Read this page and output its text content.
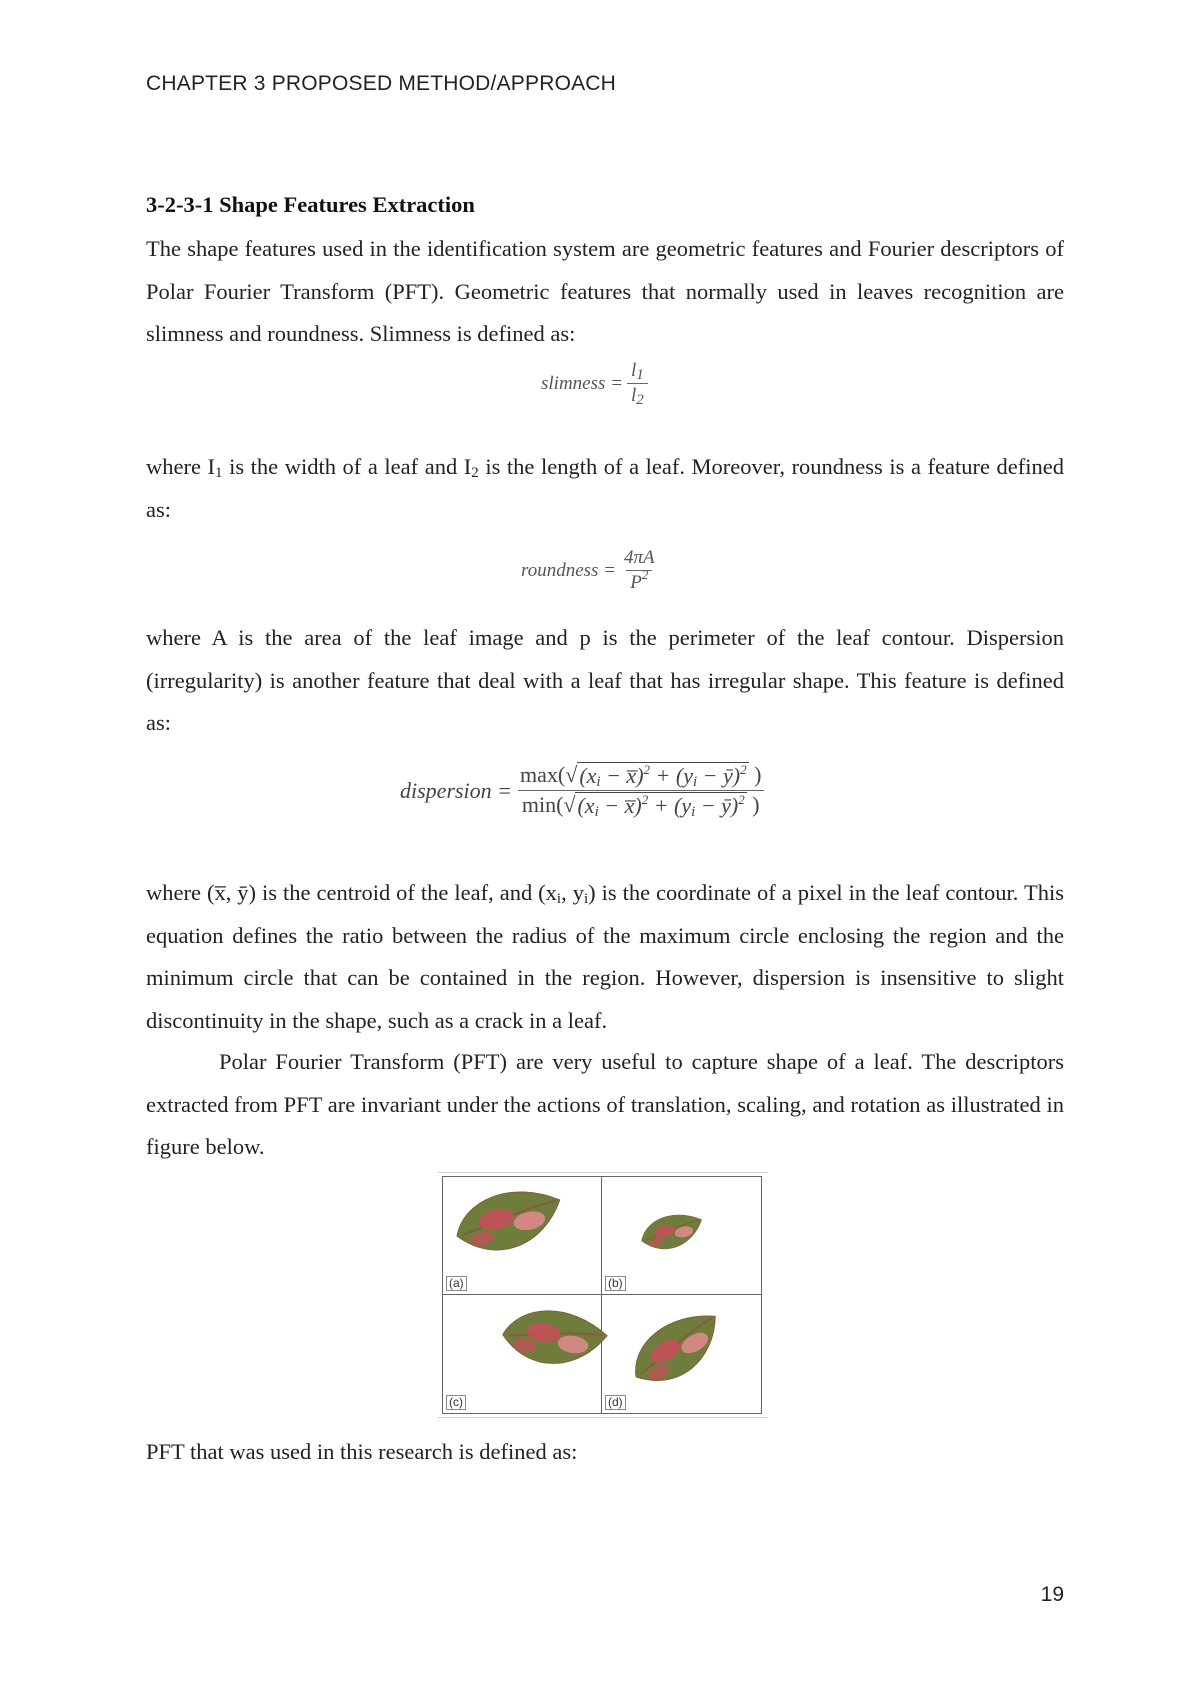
CHAPTER 3 PROPOSED METHOD/APPROACH
3-2-3-1 Shape Features Extraction
The shape features used in the identification system are geometric features and Fourier descriptors of Polar Fourier Transform (PFT). Geometric features that normally used in leaves recognition are slimness and roundness. Slimness is defined as:
slimness = $\frac{l_1}{l_2}$
where $I_1$ is the width of a leaf and $I_2$ is the length of a leaf. Moreover, roundness is a feature defined as:
roundness = $\frac{4\pi A}{P^2}$
where A is the area of the leaf image and p is the perimeter of the leaf contour. Dispersion (irregularity) is another feature that deal with a leaf that has irregular shape. This feature is defined as:
dispersion = $\frac{\max( √ (x_i - x̅)^2 + (y_i - ȳ)^2 )}{\min( √ (x_i - x̅)^2 + (y_i - ȳ)^2 )}$
where (x̅, ȳ) is the centroid of the leaf, and ($x_i$, $y_i$) is the coordinate of a pixel in the leaf contour. This equation defines the ratio between the radius of the maximum circle enclosing the region and the minimum circle that can be contained in the region. However, dispersion is insensitive to slight discontinuity in the shape, such as a crack in a leaf.
Polar Fourier Transform (PFT) are very useful to capture shape of a leaf. The descriptors extracted from PFT are invariant under the actions of translation, scaling, and rotation as illustrated in figure below.
(a)	(b)
(c)	(d)
PFT that was used in this research is defined as:
19
